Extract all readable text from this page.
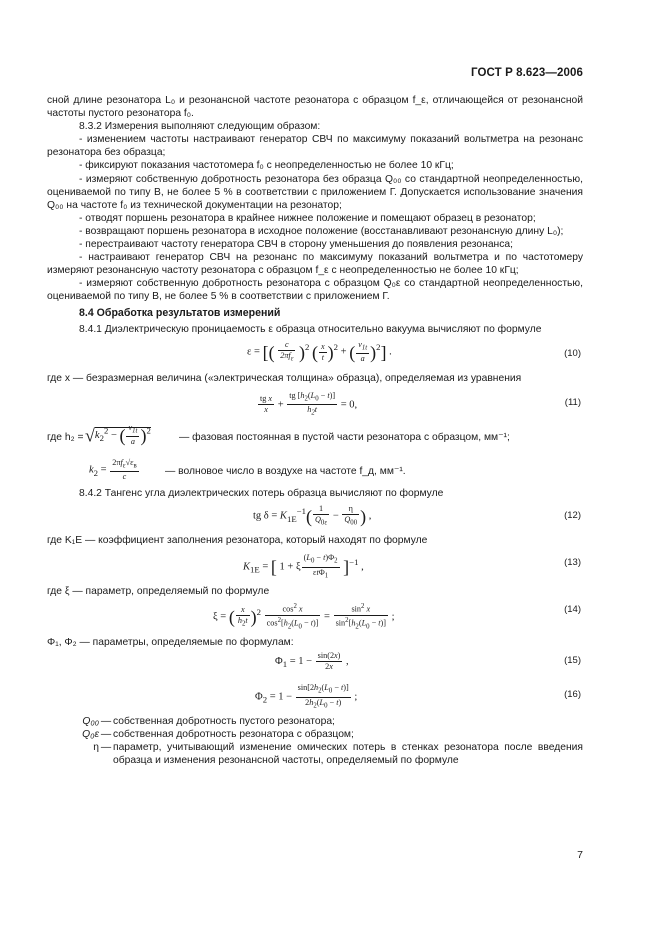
ГОСТ Р 8.623—2006

сной длине резонатора L₀ и резонансной частоте резонатора с образцом f_ε, отличающейся от резонансной частоты пустого резонатора f₀.

8.3.2 Измерения выполняют следующим образом:

- изменением частоты настраивают генератор СВЧ по максимуму показаний вольтметра на резонанс резонатора без образца;

- фиксируют показания частотомера f₀ с неопределенностью не более 10 кГц;

- измеряют собственную добротность резонатора без образца Q₀₀ со стандартной неопределенностью, оцениваемой по типу В, не более 5 % в соответствии с приложением Г. Допускается использование значения Q₀₀ на частоте f₀ из технической документации на резонатор;

- отводят поршень резонатора в крайнее нижнее положение и помещают образец в резонатор;

- возвращают поршень резонатора в исходное положение (восстанавливают резонансную длину L₀);

- перестраивают частоту генератора СВЧ в сторону уменьшения до появления резонанса;

- настраивают генератор СВЧ на резонанс по максимуму показаний вольтметра и по частотомеру измеряют резонансную частоту резонатора с образцом f_ε с неопределенностью не более 10 кГц;

- измеряют собственную добротность резонатора с образцом Q₀ε со стандартной неопределенностью, оцениваемой по типу В, не более 5 % в соответствии с приложением Г.

8.4 Обработка результатов измерений

8.4.1 Диэлектрическую проницаемость ε образца относительно вакуума вычисляют по формуле

ε = [( $\frac{c}{2\pi f_\varepsilon} )^2$ ( $\frac{x}{t} )^2$ + ( $\frac{\nu_{1t}}{a} )^2$] .	(10)

где x — безразмерная величина («электрическая толщина» образца), определяемая из уравнения

$\frac{\text{tg x}}{x} + \frac{tg [h_2(L_0 - t)]}{h_2t} = 0$,	(11)
где $h_2 = √k_2^2$ − ( $\frac{\nu_{1t}}{a} )^2$
— фазовая постоянная в пустой части резонатора с образцом, мм⁻¹;
$k_2 = \frac{2\pi f_\varepsilon√\varepsilon_в}{c}$	— волновое число в воздухе на частоте f_д, мм⁻¹.

8.4.2 Тангенс угла диэлектрических потерь образца вычисляют по формуле

tg $\delta = K_{1E}^{-1}( \frac{1}{Q_{0\varepsilon}} - \frac{\eta}{Q_{00}}$ ) ,	(12)

где K₁E — коэффициент заполнения резонатора, который находят по формуле

$K_{1E}$ = [ 1 + ξ $\frac{(L_0 - t)\Phi_2}{\varepsilon t\Phi_1} ]^{-1}$ ,	(13)

где ξ — параметр, определяемый по формуле

ξ = ( $\frac{x}{h_2t} )^2 \frac{\cos^2 x}{\cos^2[h_2(L_0 - t)]} = \frac{\sin^2 x}{\sin^2[h_2(L_0 - t)]}$ ;
(14)

Φ₁, Φ₂ — параметры, определяемые по формулам:

$\Phi_1 = 1 - \frac{\sin(2x)}{2x}$ ,	(15)
$\Phi_2 = 1 - \frac{\sin[2h_2(L_0 - t)]}{2h_2(L_0 - t)}$ ;	(16)
Q₀₀ — собственная добротность пустого резонатора;
Q₀ε — собственная добротность резонатора с образцом;
η — параметр, учитывающий изменение омических потерь в стенках резонатора после введения образца и изменения резонансной частоты, определяемый по формуле
7
